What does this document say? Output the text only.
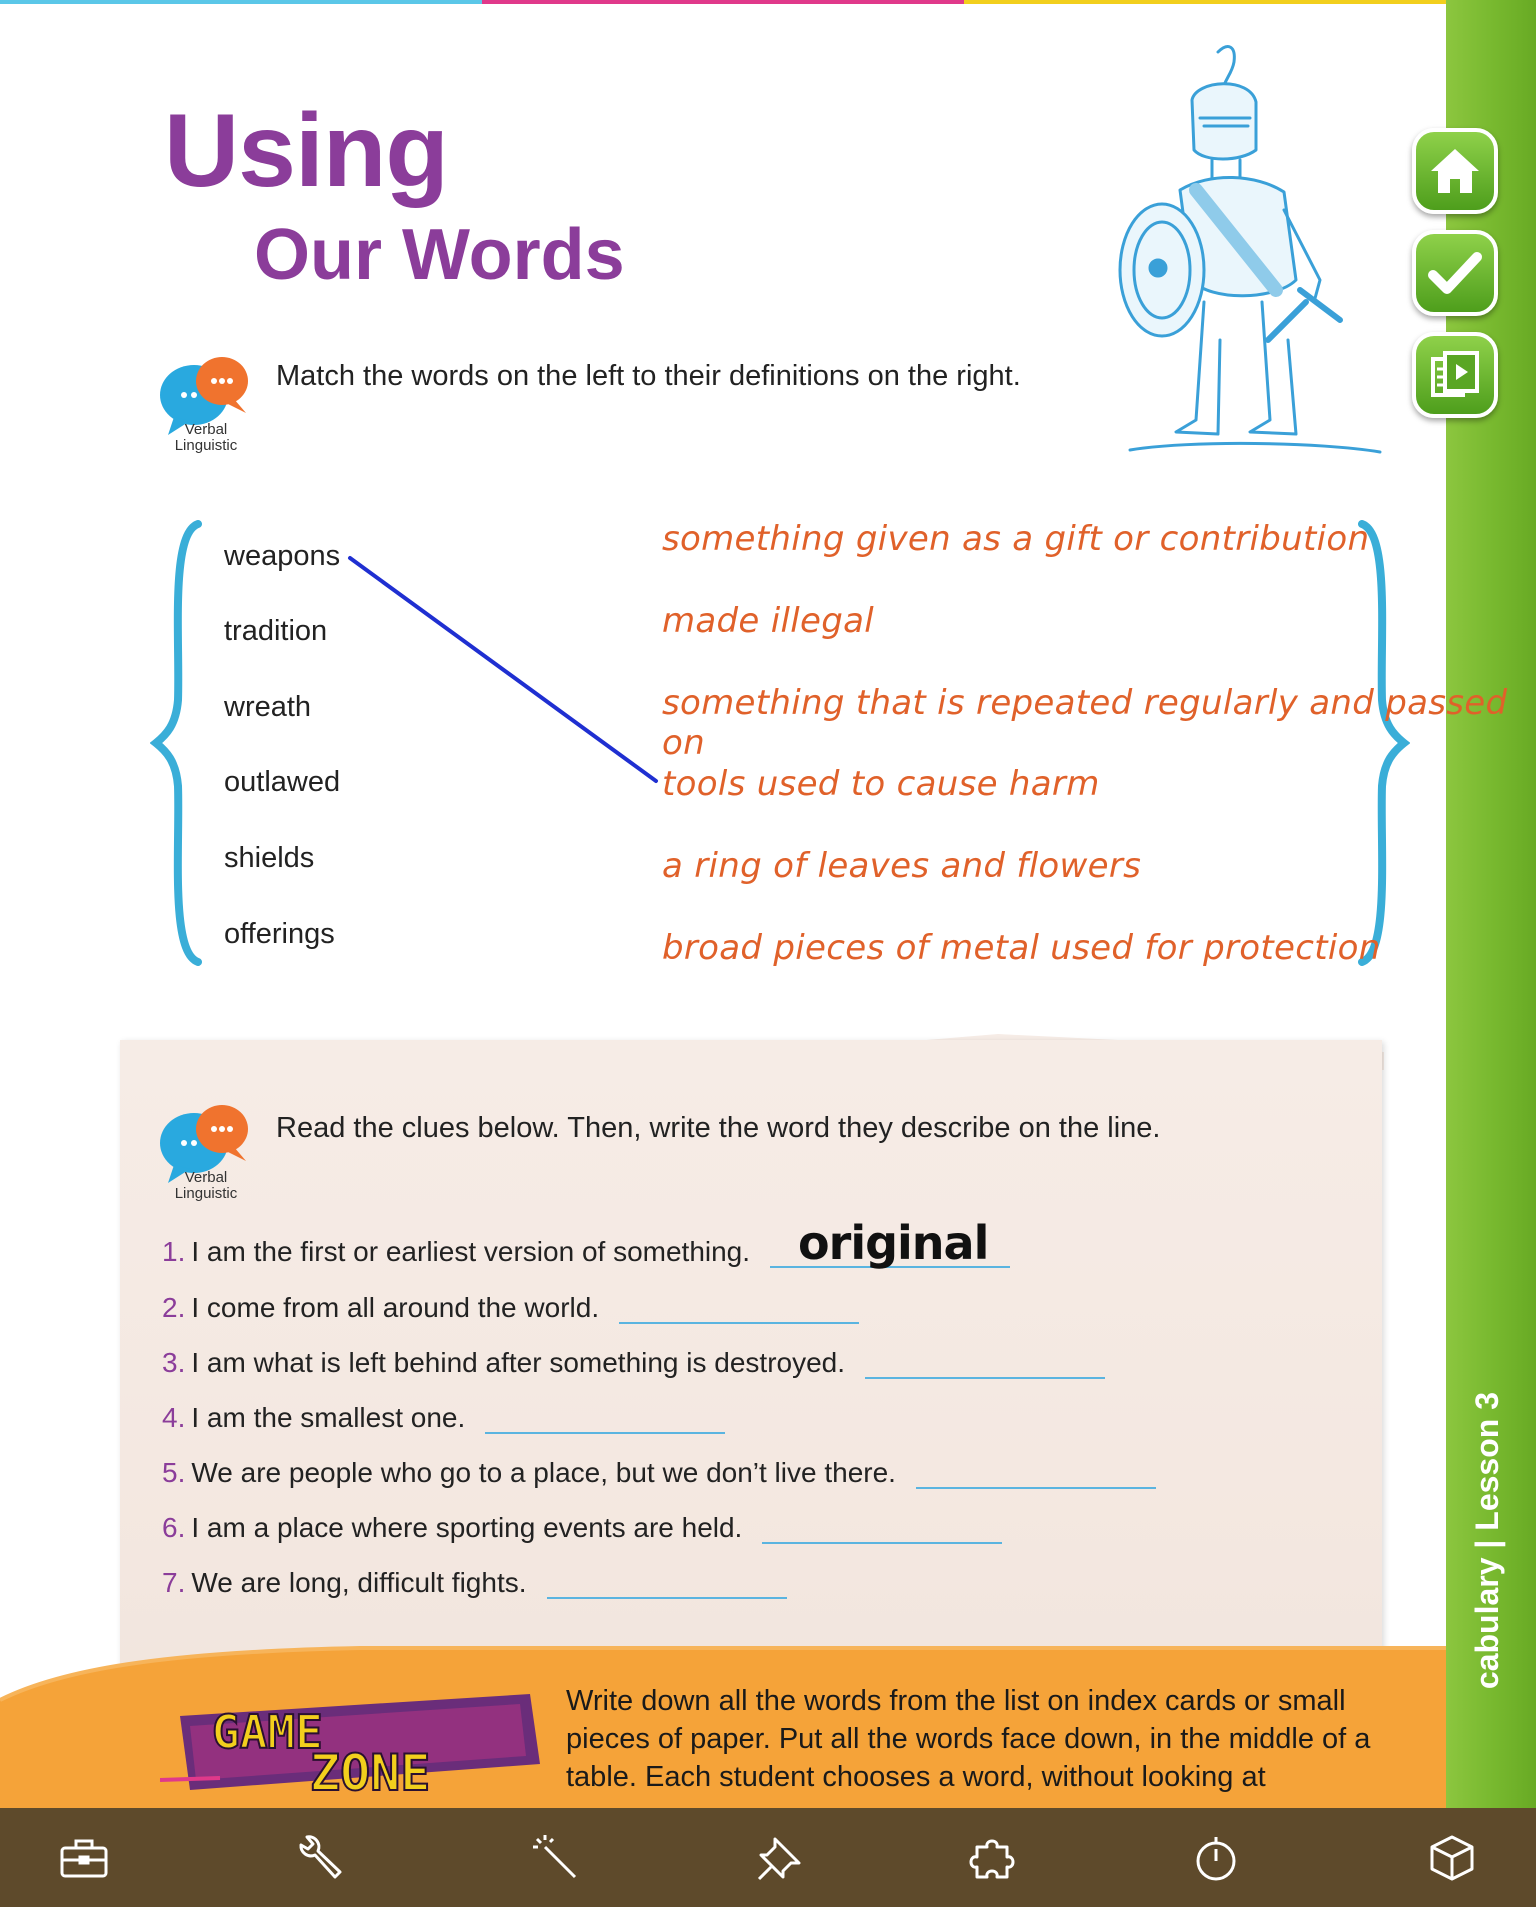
cabulary | Lesson 3
Using
Our Words
Verbal
Linguistic
Match the words on the left to their definitions on the right.
weapons
tradition
wreath
outlawed
shields
offerings
something given as a gift or contribution
made illegal
something that is repeated regularly and passed on
tools used to cause harm
a ring of leaves and flowers
broad pieces of metal used for protection
Verbal
Linguistic
Read the clues below. Then, write the word they describe on the line.
1. I am the first or earliest version of something. original
2. I come from all around the world.
3. I am what is left behind after something is destroyed.
4. I am the smallest one.
5. We are people who go to a place, but we don’t live there.
6. I am a place where sporting events are held.
7. We are long, difficult fights.
GAME
ZONE
Write down all the words from the list on index cards or small pieces of paper. Put all the words face down, in the middle of a table. Each student chooses a word, without looking at
